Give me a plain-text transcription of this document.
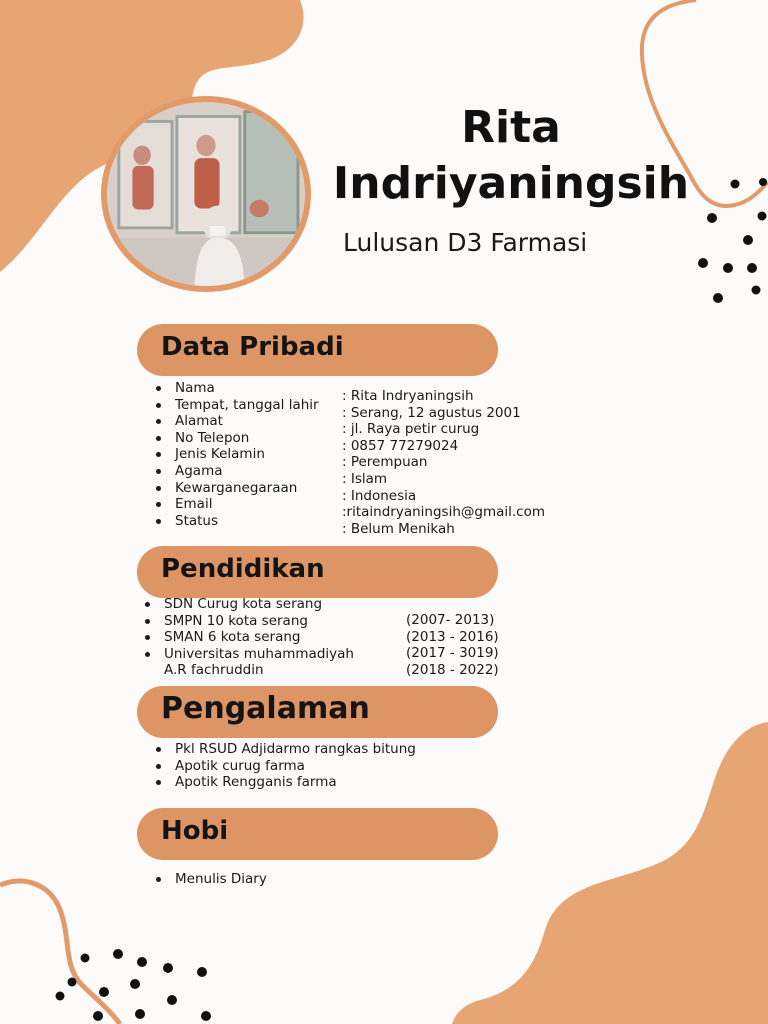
Rita
Indriyaningsih
Lulusan D3 Farmasi
Data Pribadi
Nama
Tempat, tanggal lahir
Alamat
No Telepon
Jenis Kelamin
Agama
Kewarganegaraan
Email
Status
: Rita Indryaningsih
: Serang, 12 agustus 2001
: jl. Raya petir curug
: 0857 77279024
: Perempuan
: Islam
: Indonesia
:ritaindryaningsih@gmail.com
: Belum Menikah
Pendidikan
SDN Curug kota serang
SMPN 10 kota serang
SMAN 6 kota serang
Universitas muhammadiyah
A.R fachruddin
(2007- 2013)
(2013 - 2016)
(2017 - 3019)
(2018 - 2022)
Pengalaman
Pkl RSUD Adjidarmo rangkas bitung
Apotik curug farma
Apotik Rengganis farma
Hobi
Menulis Diary
